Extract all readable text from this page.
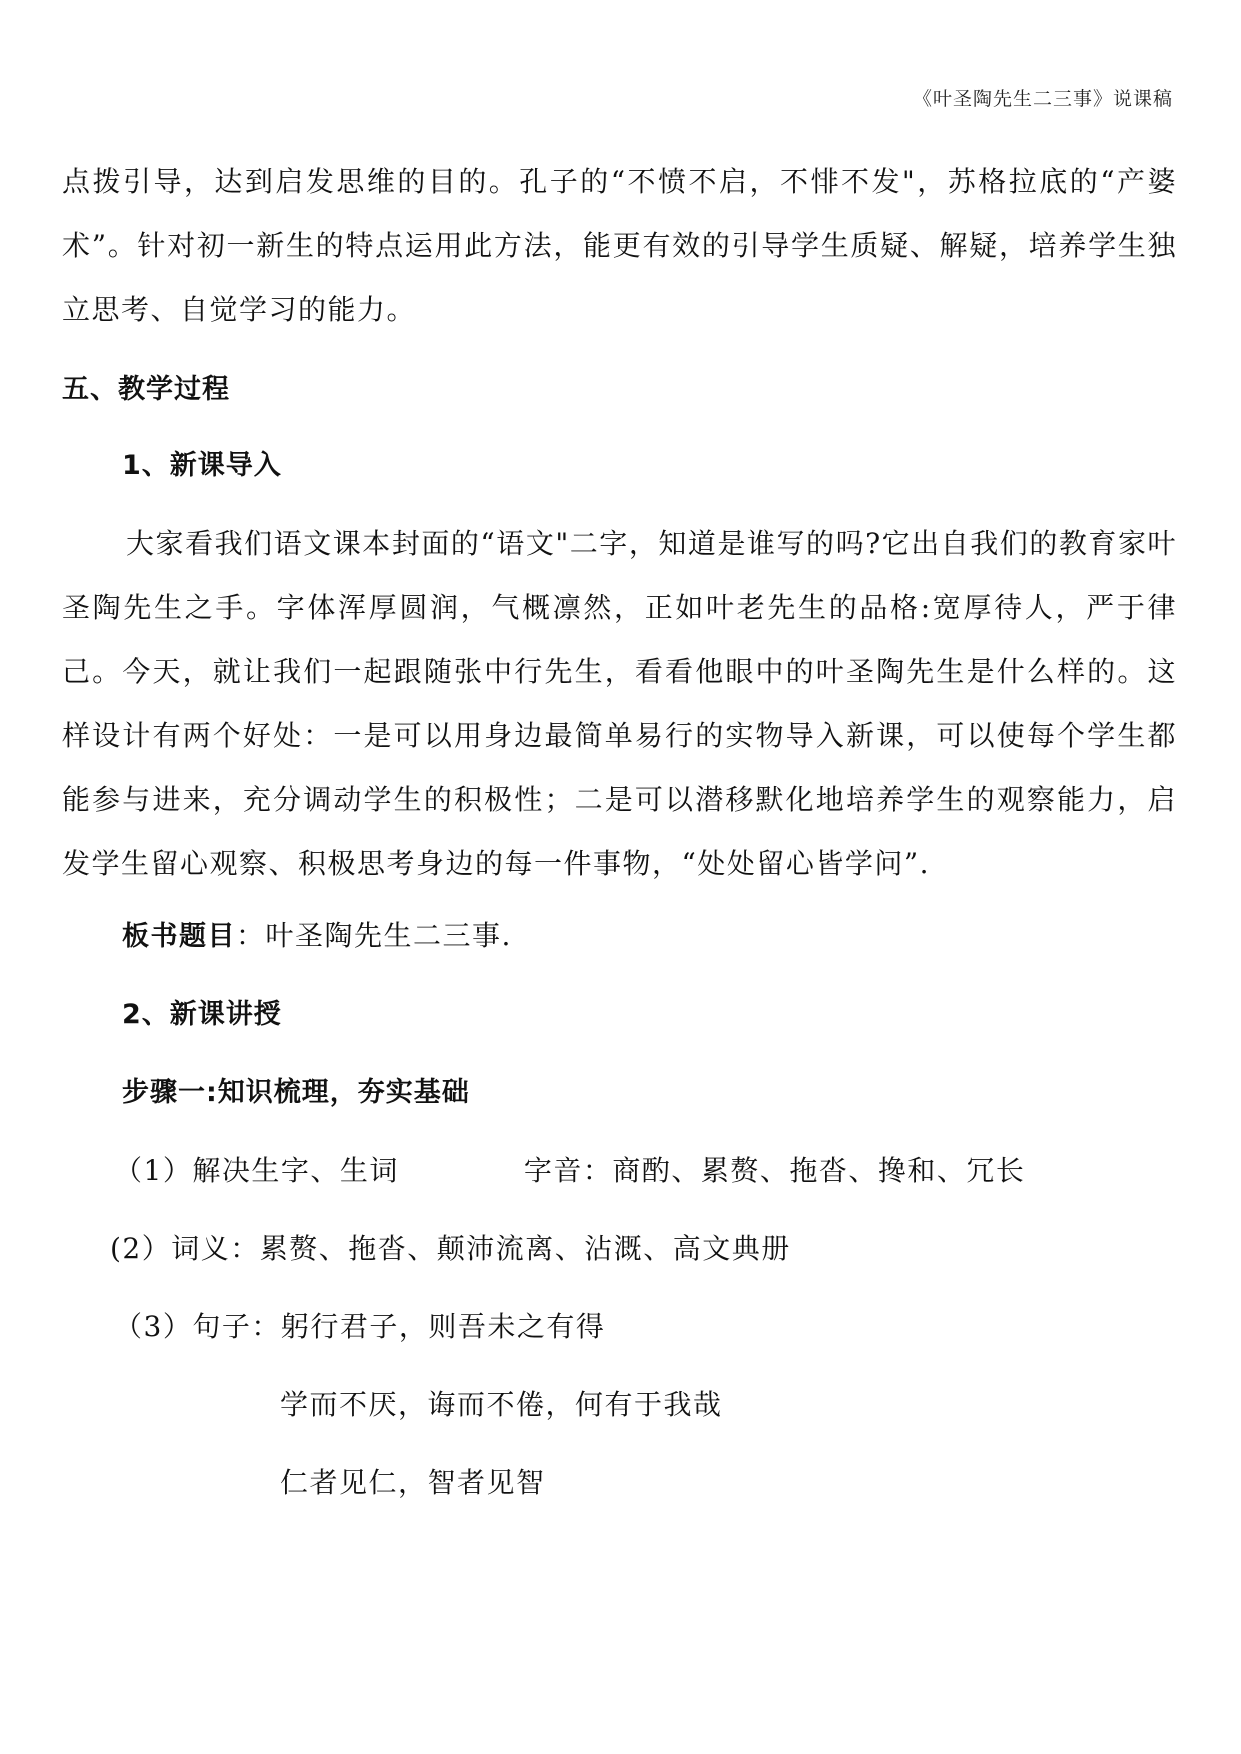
《叶圣陶先生二三事》说课稿

点拨引导，达到启发思维的目的。孔子的“不愤不启，不悱不发"，苏格拉底的“产婆术”。针对初一新生的特点运用此方法，能更有效的引导学生质疑、解疑，培养学生独立思考、自觉学习的能力。

五、教学过程

1、新课导入

大家看我们语文课本封面的“语文"二字，知道是谁写的吗?它出自我们的教育家叶圣陶先生之手。字体浑厚圆润，气概凛然，正如叶老先生的品格:宽厚待人，严于律己。今天，就让我们一起跟随张中行先生，看看他眼中的叶圣陶先生是什么样的。这样设计有两个好处：一是可以用身边最简单易行的实物导入新课，可以使每个学生都能参与进来，充分调动学生的积极性；二是可以潜移默化地培养学生的观察能力，启发学生留心观察、积极思考身边的每一件事物，“处处留心皆学问”.

板书题目：叶圣陶先生二三事.

2、新课讲授

步骤一:知识梳理，夯实基础

（1）解决生字、生词	字音：商酌、累赘、拖沓、搀和、冗长

(2）词义：累赘、拖沓、颠沛流离、沾溉、高文典册

（3）句子：躬行君子，则吾未之有得

学而不厌，诲而不倦，何有于我哉

仁者见仁，智者见智
